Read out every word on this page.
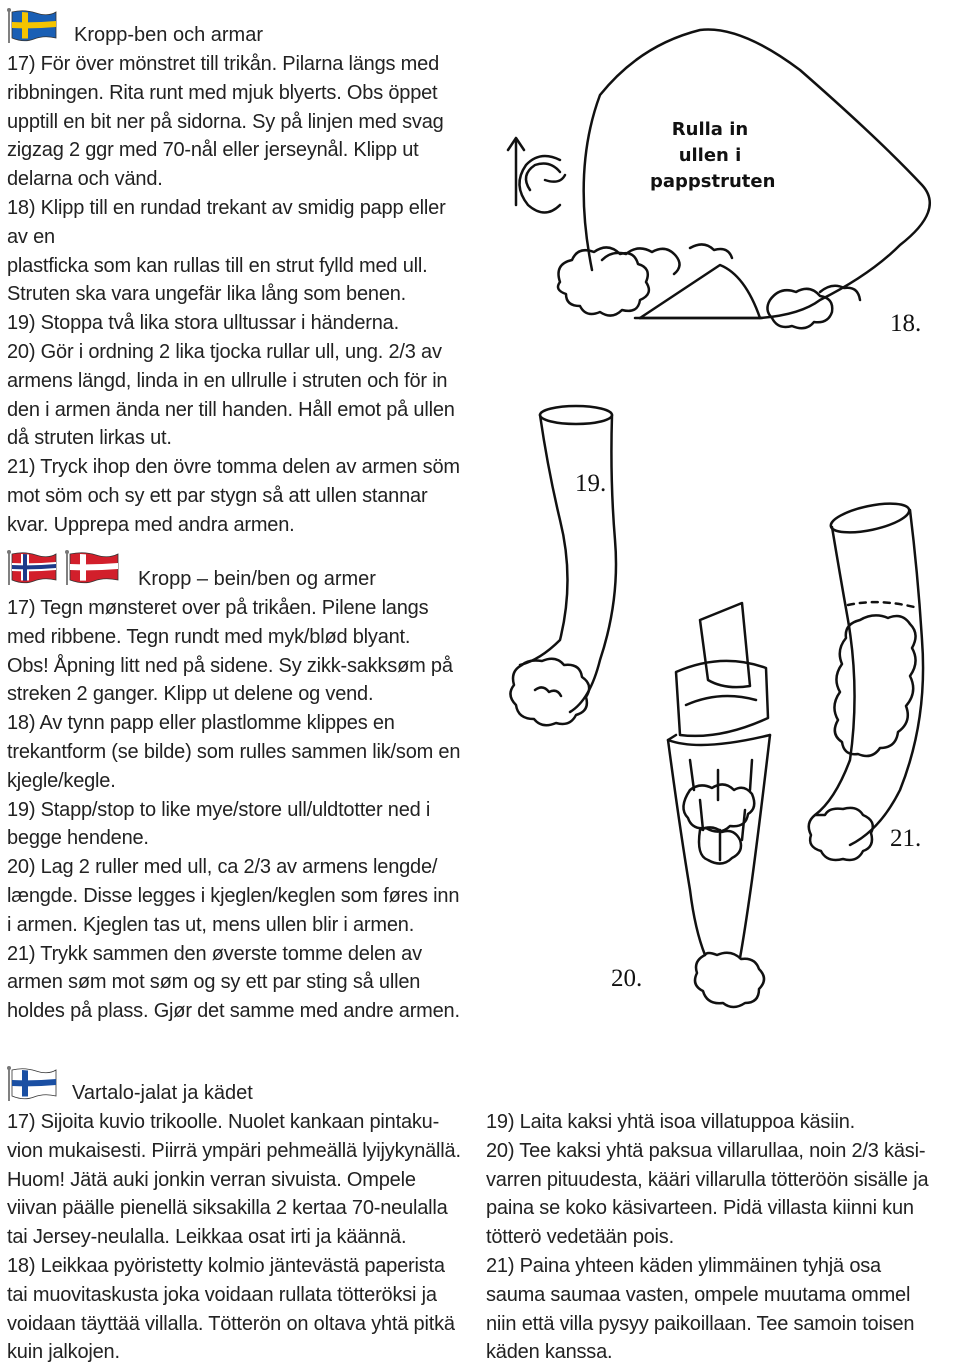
Kropp-ben och armar
17) För över mönstret till trikån. Pilarna längs med
ribbningen. Rita runt med mjuk blyerts. Obs öppet
upptill en bit ner på sidorna. Sy på linjen med svag
zigzag 2 ggr med 70-nål eller jerseynål. Klipp ut
delarna och vänd.
18) Klipp till en rundad trekant av smidig papp eller
av en
plastficka som kan rullas till en strut fylld med ull.
Struten ska vara ungefär lika lång som benen.
19) Stoppa två lika stora ulltussar i händerna.
20) Gör i ordning 2 lika tjocka rullar ull, ung. 2/3 av
armens längd, linda in en ullrulle i struten och för in
den i armen ända ner till handen. Håll emot på ullen
då struten lirkas ut.
21) Tryck ihop den övre tomma delen av armen söm
mot söm och sy ett par stygn så att ullen stannar
kvar. Upprepa med andra armen.
Kropp – bein/ben og armer
17) Tegn mønsteret over på trikåen. Pilene langs
med ribbene. Tegn rundt med myk/blød blyant.
Obs! Åpning litt ned på sidene. Sy zikk-sakksøm på
streken 2 ganger. Klipp ut delene og vend.
18) Av tynn papp eller plastlomme klippes en
trekantform (se bilde) som rulles sammen lik/som en
kjegle/kegle.
19) Stapp/stop to like mye/store ull/uldtotter ned i
begge hendene.
20) Lag 2 ruller med ull, ca 2/3 av armens lengde/
længde. Disse legges i kjeglen/keglen som føres inn
i armen. Kjeglen tas ut, mens ullen blir i armen.
21) Trykk sammen den øverste tomme delen av
armen søm mot søm og sy ett par sting så ullen
holdes på plass. Gjør det samme med andre armen.
Vartalo-jalat ja kädet
17) Sijoita kuvio trikoolle. Nuolet kankaan pintaku-
vion mukaisesti. Piirrä ympäri pehmeällä lyijykynällä.
Huom! Jätä auki jonkin verran sivuista. Ompele
viivan päälle pienellä siksakilla 2 kertaa 70-neulalla
tai Jersey-neulalla. Leikkaa osat irti ja käännä.
18) Leikkaa pyöristetty kolmio jäntevästä paperista
tai muovitaskusta joka voidaan rullata tötteröksi ja
voidaan täyttää villalla. Tötterön on oltava yhtä pitkä
kuin jalkojen.
19) Laita kaksi yhtä isoa villatuppoa käsiin.
20) Tee kaksi yhtä paksua villarullaa, noin 2/3 käsi-
varren pituudesta, kääri villarulla tötteröön sisälle ja
paina se koko käsivarteen. Pidä villasta kiinni kun
tötterö vedetään pois.
21) Paina yhteen käden ylimmäinen tyhjä osa
sauma saumaa vasten, ompele muutama ommel
niin että villa pysyy paikoillaan. Tee samoin toisen
käden kanssa.
Rulla in
ullen i
pappstruten
18.
19.
20.
21.
